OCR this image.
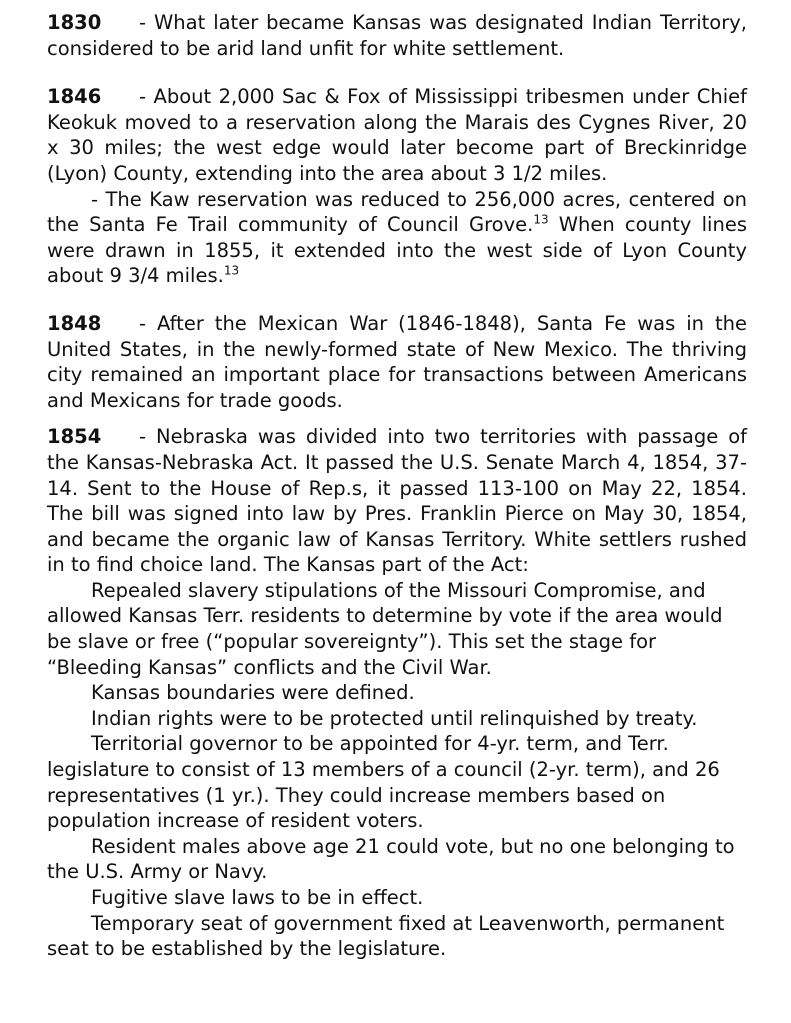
1830 - What later became Kansas was designated Indian Territory, considered to be arid land unfit for white settlement.

1846 - About 2,000 Sac & Fox of Mississippi tribesmen under Chief Keokuk moved to a reservation along the Marais des Cygnes River, 20 x 30 miles; the west edge would later become part of Breckinridge (Lyon) County, extending into the area about 3 1/2 miles.

- The Kaw reservation was reduced to 256,000 acres, centered on the Santa Fe Trail community of Council Grove.$^{13}$ When county lines were drawn in 1855, it extended into the west side of Lyon County about 9 3/4 miles.$^{13}$

1848 - After the Mexican War (1846-1848), Santa Fe was in the United States, in the newly-formed state of New Mexico. The thriving city remained an important place for transactions between Americans and Mexicans for trade goods.

1854 - Nebraska was divided into two territories with passage of the Kansas-Nebraska Act. It passed the U.S. Senate March 4, 1854, 37-14. Sent to the House of Rep.s, it passed 113-100 on May 22, 1854. The bill was signed into law by Pres. Franklin Pierce on May 30, 1854, and became the organic law of Kansas Territory. White settlers rushed in to find choice land. The Kansas part of the Act:

Repealed slavery stipulations of the Missouri Compromise, and allowed Kansas Terr. residents to determine by vote if the area would be slave or free (“popular sovereignty”). This set the stage for “Bleeding Kansas” conflicts and the Civil War.

Kansas boundaries were defined.

Indian rights were to be protected until relinquished by treaty.

Territorial governor to be appointed for 4-yr. term, and Terr. legislature to consist of 13 members of a council (2-yr. term), and 26 representatives (1 yr.). They could increase members based on population increase of resident voters.

Resident males above age 21 could vote, but no one belonging to the U.S. Army or Navy.

Fugitive slave laws to be in effect.

Temporary seat of government fixed at Leavenworth, permanent seat to be established by the legislature.
